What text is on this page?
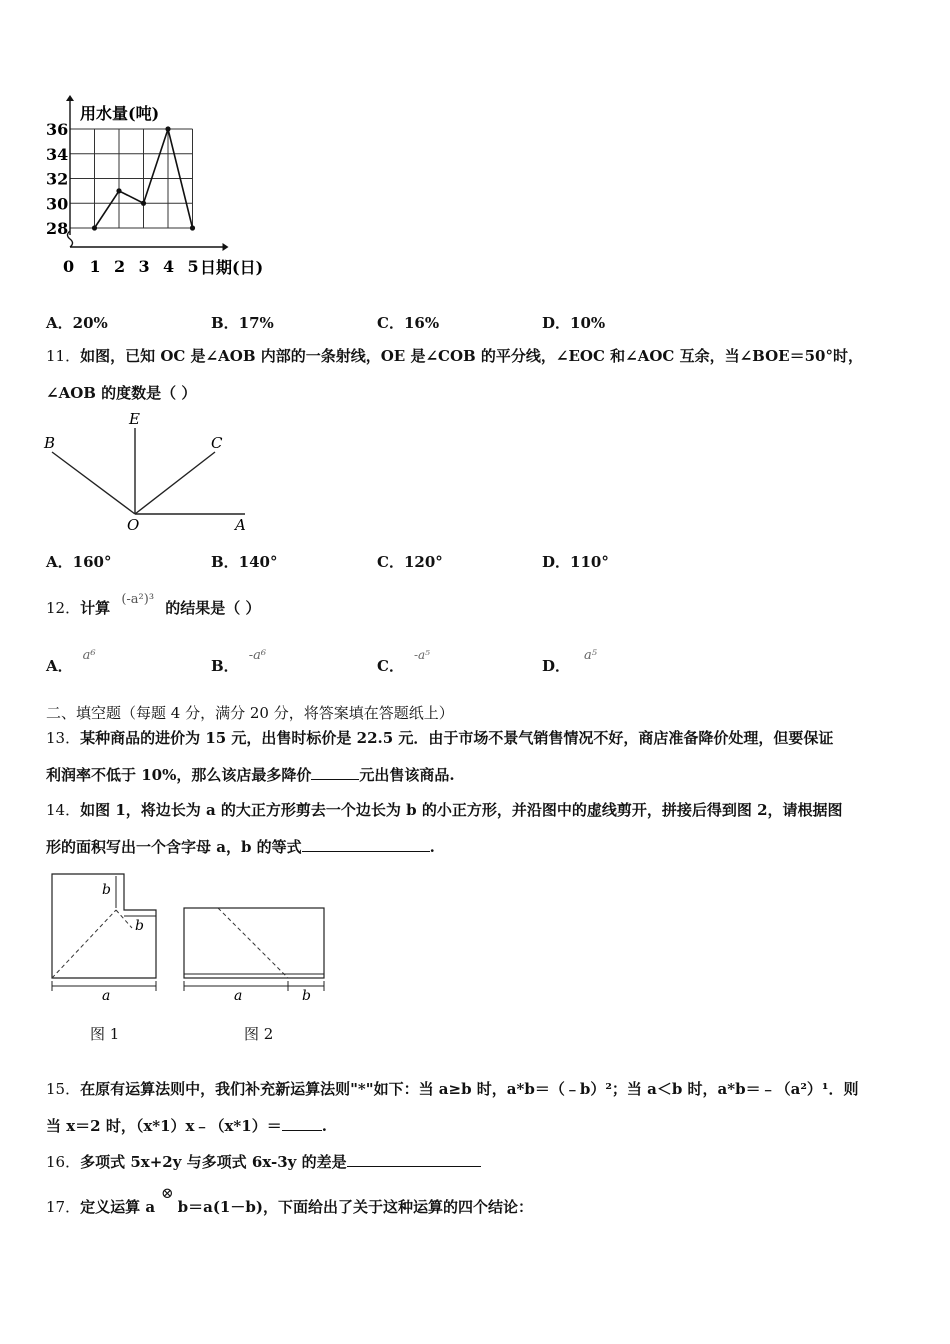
28
30
32
34
36
0 1 2 3 4 5
用水量(吨)
日期(日)
A．20%	B．17%	C．16%	D．10%
11．如图，已知 OC 是∠AOB 内部的一条射线，OE 是∠COB 的平分线，∠EOC 和∠AOC 互余，当∠BOE＝50°时，
∠AOB 的度数是（ ）
B
E
C
O	A
A．160°	B．140°	C．120°	D．110°
12．计算 (-a²)³ 的结果是（ ）
A．a⁶
B．-a⁶
C．$^{-a^5}$
D．a⁵
二、填空题（每题 4 分，满分 20 分，将答案填在答题纸上）
13．某种商品的进价为 15 元，出售时标价是 22.5 元．由于市场不景气销售情况不好，商店准备降价处理，但要保证
利润率不低于 10%，那么该店最多降价	元出售该商品.
14．如图 1，将边长为 a 的大正方形剪去一个边长为 b 的小正方形，并沿图中的虚线剪开，拼接后得到图 2，请根据图
形的面积写出一个含字母 a，b 的等式	.
b
b
a	a	b
图 1	图 2
15．在原有运算法则中，我们补充新运算法则"*"如下：当 a≥b 时，a*b＝（﹣b）²；当 a＜b 时，a*b＝﹣（a²）¹．则
当 x＝2 时，（x*1）x﹣（x*1）＝	.
16．多项式 5x+2y 与多项式 6x-3y 的差是
17．定义运算 a⊗b＝a(1－b)，下面给出了关于这种运算的四个结论：
